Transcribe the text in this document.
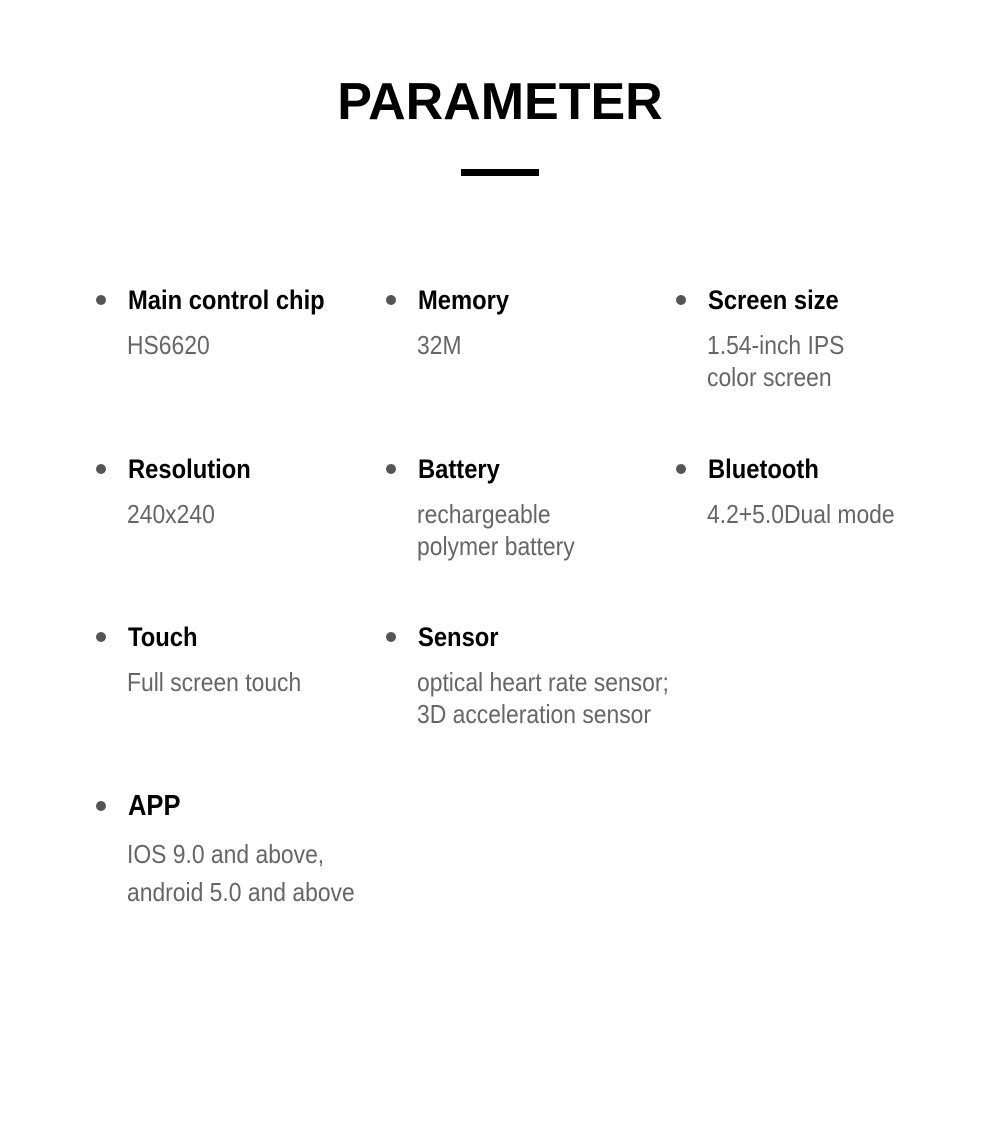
PARAMETER
Main control chip
HS6620
Memory
32M
Screen size
1.54-inch IPS
color screen
Resolution
240x240
Battery
rechargeable
polymer battery
Bluetooth
4.2+5.0Dual mode
Touch
Full screen touch
Sensor
optical heart rate sensor;
3D acceleration sensor
APP
IOS 9.0 and above,
android 5.0 and above
